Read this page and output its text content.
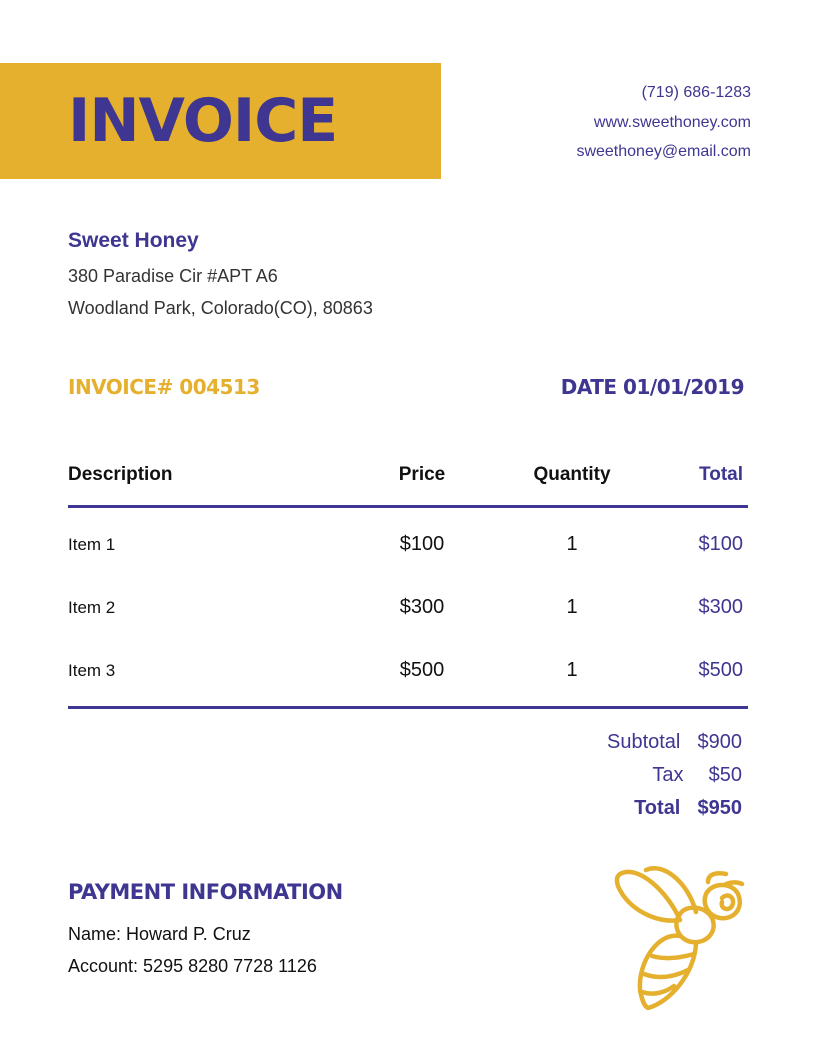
INVOICE	(719) 686-1283
www.sweethoney.com
sweethoney@email.com
Sweet Honey
380 Paradise Cir #APT A6
Woodland Park, Colorado(CO), 80863
INVOICE# 004513	DATE 01/01/2019
Description	Price	Quantity	Total
Item 1	$100	1	$100
Item 2	$300	1	$300
Item 3	$500	1	$500
Subtotal $900
Tax $50
Total $950
PAYMENT INFORMATION
Name: Howard P. Cruz
Account: 5295 8280 7728 1126
